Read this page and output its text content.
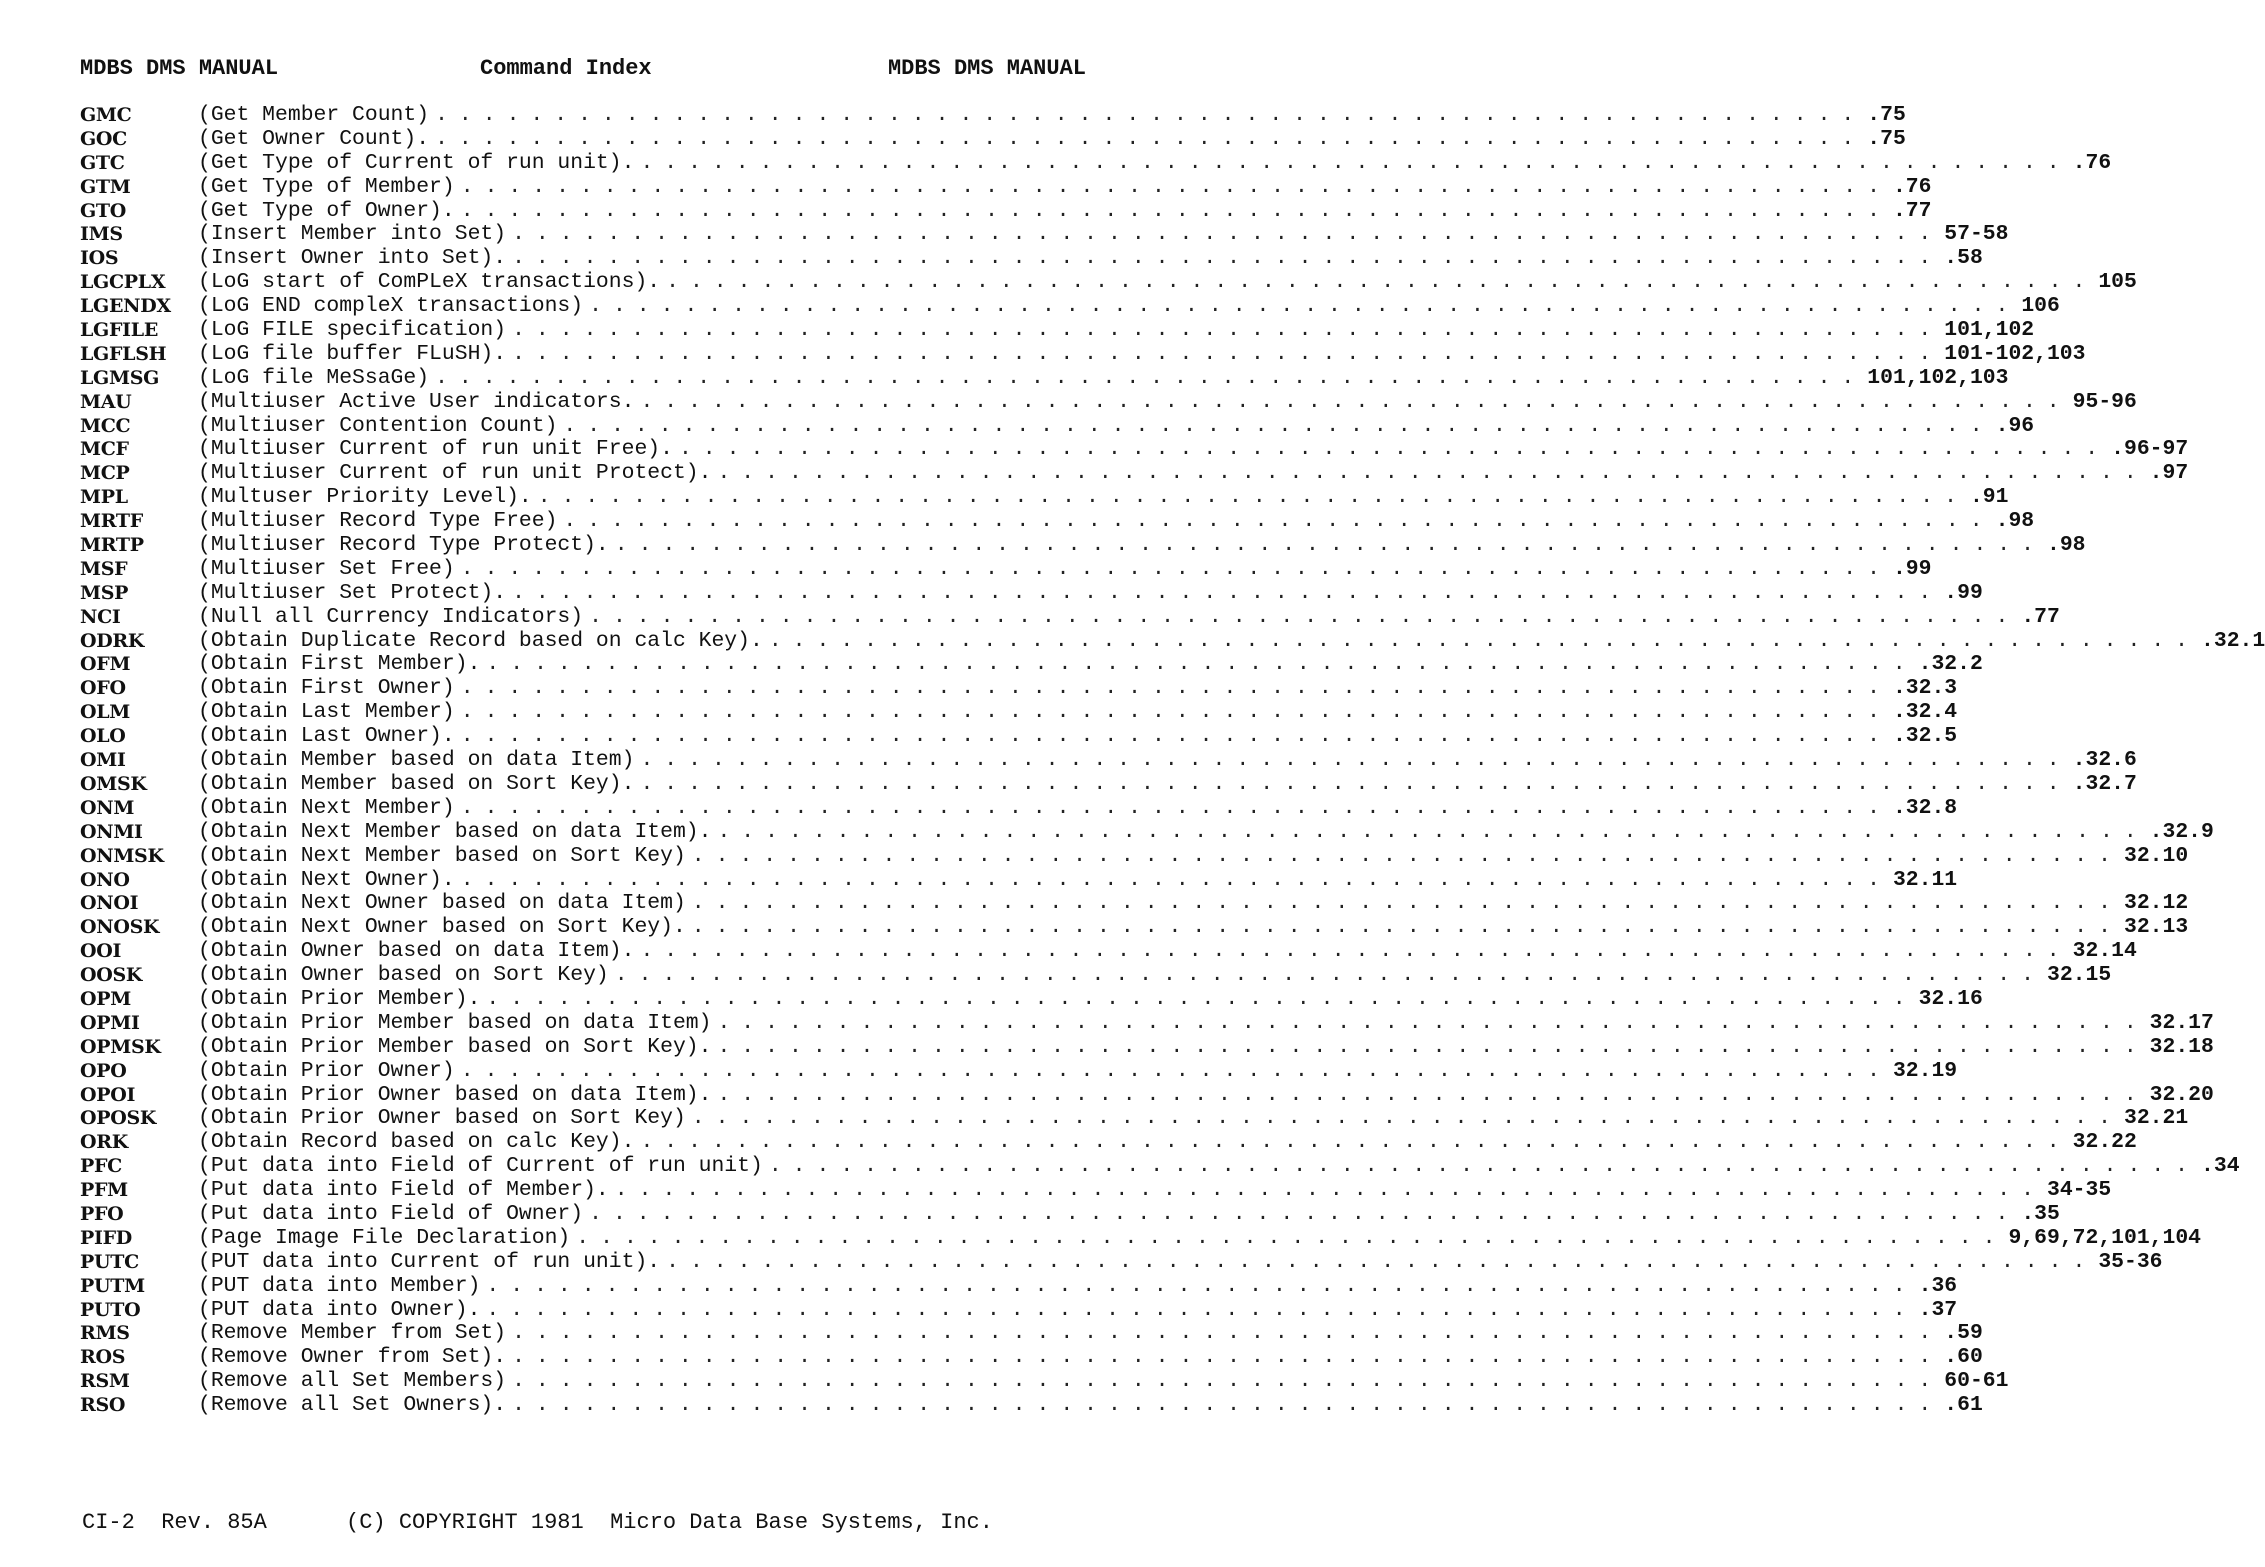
MDBS DMS MANUAL	Command Index	MDBS DMS MANUAL
GMC	(Get Member Count) ............................................................ .75
GOC	(Get Owner Count). ............................................................ .75
GTC	(Get Type of Current of run unit). ............................................................ .76
GTM	(Get Type of Member) ............................................................ .76
GTO	(Get Type of Owner). ............................................................ .77
IMS	(Insert Member into Set) ............................................................ 57-58
IOS	(Insert Owner into Set). ............................................................ .58
LGCPLX (LoG start of ComPLeX transactions). ............................................................ 105
LGENDX (LoG END compleX transactions) ............................................................ 106
LGFILE (LoG FILE specification) ............................................................ 101,102
LGFLSH (LoG file buffer FLuSH). ............................................................ 101-102,103
LGMSG (LoG file MeSsaGe) ............................................................ 101,102,103
MAU	(Multiuser Active User indicators. ............................................................ 95-96
MCC	(Multiuser Contention Count) ............................................................ .96
MCF	(Multiuser Current of run unit Free). ............................................................ .96-97
MCP	(Multiuser Current of run unit Protect). ............................................................ .97
MPL	(Multuser Priority Level). ............................................................ .91
MRTF	(Multiuser Record Type Free) ............................................................ .98
MRTP	(Multiuser Record Type Protect). ............................................................ .98
MSF	(Multiuser Set Free) ............................................................ .99
MSP	(Multiuser Set Protect). ............................................................ .99
NCI	(Null all Currency Indicators) ............................................................ .77
ODRK	(Obtain Duplicate Record based on calc Key). ............................................................ .32.1
OFM	(Obtain First Member). ............................................................ .32.2
OFO	(Obtain First Owner) ............................................................ .32.3
OLM	(Obtain Last Member) ............................................................ .32.4
OLO	(Obtain Last Owner). ............................................................ .32.5
OMI	(Obtain Member based on data Item) ............................................................ .32.6
OMSK (Obtain Member based on Sort Key). ............................................................ .32.7
ONM	(Obtain Next Member) ............................................................ .32.8
ONMI	(Obtain Next Member based on data Item). ............................................................ .32.9
ONMSK (Obtain Next Member based on Sort Key) ............................................................ 32.10
ONO	(Obtain Next Owner). ............................................................ 32.11
ONOI	(Obtain Next Owner based on data Item) ............................................................ 32.12
ONOSK (Obtain Next Owner based on Sort Key). ............................................................ 32.13
OOI	(Obtain Owner based on data Item). ............................................................ 32.14
OOSK	(Obtain Owner based on Sort Key) ............................................................ 32.15
OPM	(Obtain Prior Member). ............................................................ 32.16
OPMI	(Obtain Prior Member based on data Item) ............................................................ 32.17
OPMSK (Obtain Prior Member based on Sort Key). ............................................................ 32.18
OPO	(Obtain Prior Owner) ............................................................ 32.19
OPOI	(Obtain Prior Owner based on data Item). ............................................................ 32.20
OPOSK (Obtain Prior Owner based on Sort Key) ............................................................ 32.21
ORK	(Obtain Record based on calc Key). ............................................................ 32.22
PFC	(Put data into Field of Current of run unit) ............................................................ .34
PFM	(Put data into Field of Member). ............................................................ 34-35
PFO	(Put data into Field of Owner) ............................................................ .35
PIFD	(Page Image File Declaration) ............................................................ 9,69,72,101,104
PUTC	(PUT data into Current of run unit). ............................................................ 35-36
PUTM (PUT data into Member) ............................................................ .36
PUTO	(PUT data into Owner). ............................................................ .37
RMS	(Remove Member from Set) ............................................................ .59
ROS	(Remove Owner from Set). ............................................................ .60
RSM	(Remove all Set Members) ............................................................ 60-61
RSO	(Remove all Set Owners). ............................................................ .61
CI-2  Rev. 85A      (C) COPYRIGHT 1981  Micro Data Base Systems, Inc.
